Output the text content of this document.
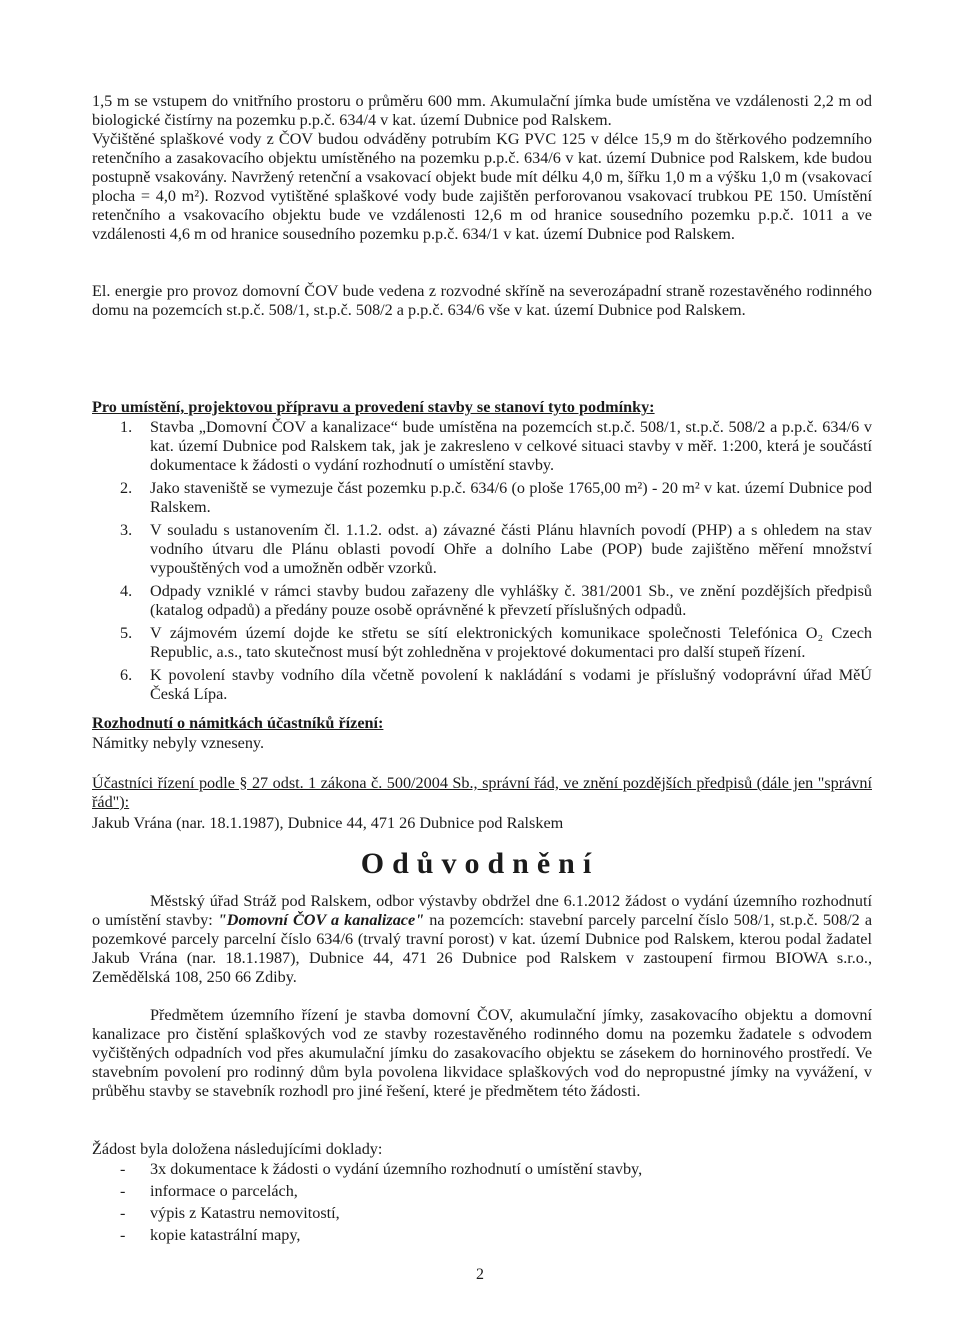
1,5 m se vstupem do vnitřního prostoru o průměru 600 mm. Akumulační jímka bude umístěna ve vzdálenosti 2,2 m od biologické čistírny na pozemku p.p.č. 634/4 v kat. území Dubnice pod Ralskem.
Vyčištěné splaškové vody z ČOV budou odváděny potrubím KG PVC 125 v délce 15,9 m do štěrkového podzemního retenčního a zasakovacího objektu umístěného na pozemku p.p.č. 634/6 v kat. území Dubnice pod Ralskem, kde budou postupně vsakovány. Navržený retenční a vsakovací objekt bude mít délku 4,0 m, šířku 1,0 m a výšku 1,0 m (vsakovací plocha = 4,0 m²). Rozvod vytištěné splaškové vody bude zajištěn perforovanou vsakovací trubkou PE 150. Umístění retenčního a vsakovacího objektu bude ve vzdálenosti 12,6 m od hranice sousedního pozemku p.p.č. 1011 a ve vzdálenosti 4,6 m od hranice sousedního pozemku p.p.č. 634/1 v kat. území Dubnice pod Ralskem.
El. energie pro provoz domovní ČOV bude vedena z rozvodné skříně na severozápadní straně rozestavěného rodinného domu na pozemcích st.p.č. 508/1, st.p.č. 508/2 a p.p.č. 634/6 vše v kat. území Dubnice pod Ralskem.
Pro umístění, projektovou přípravu a provedení stavby se stanoví tyto podmínky:
1. Stavba „Domovní ČOV a kanalizace“ bude umístěna na pozemcích st.p.č. 508/1, st.p.č. 508/2 a p.p.č. 634/6 v kat. území Dubnice pod Ralskem tak, jak je zakresleno v celkové situaci stavby v měř. 1:200, která je součástí dokumentace k žádosti o vydání rozhodnutí o umístění stavby.
2. Jako staveniště se vymezuje část pozemku p.p.č. 634/6 (o ploše 1765,00 m²) - 20 m² v kat. území Dubnice pod Ralskem.
3. V souladu s ustanovením čl. 1.1.2. odst. a) závazné části Plánu hlavních povodí (PHP) a s ohledem na stav vodního útvaru dle Plánu oblasti povodí Ohře a dolního Labe (POP) bude zajištěno měření množství vypouštěných vod a umožněn odběr vzorků.
4. Odpady vzniklé v rámci stavby budou zařazeny dle vyhlášky č. 381/2001 Sb., ve znění pozdějších předpisů (katalog odpadů) a předány pouze osobě oprávněné k převzetí příslušných odpadů.
5. V zájmovém území dojde ke střetu se sítí elektronických komunikace společnosti Telefónica O₂ Czech Republic, a.s., tato skutečnost musí být zohledněna v projektové dokumentaci pro další stupeň řízení.
6. K povolení stavby vodního díla včetně povolení k nakládání s vodami je příslušný vodoprávní úřad MěÚ Česká Lípa.
Rozhodnutí o námitkách účastníků řízení:
Námitky nebyly vzneseny.
Účastníci řízení podle § 27 odst. 1 zákona č. 500/2004 Sb., správní řád, ve znění pozdějších předpisů (dále jen "správní řád"):
Jakub Vrána (nar. 18.1.1987), Dubnice 44, 471 26 Dubnice pod Ralskem
Odůvodnění
Městský úřad Stráž pod Ralskem, odbor výstavby obdržel dne 6.1.2012 žádost o vydání územního rozhodnutí o umístění stavby: "Domovní ČOV a kanalizace" na pozemcích: stavební parcely parcelní číslo 508/1, st.p.č. 508/2 a pozemkové parcely parcelní číslo 634/6 (trvalý travní porost) v kat. území Dubnice pod Ralskem, kterou podal žadatel Jakub Vrána (nar. 18.1.1987), Dubnice 44, 471 26 Dubnice pod Ralskem v zastoupení firmou BIOWA s.r.o., Zemědělská 108, 250 66 Zdiby.
Předmětem územního řízení je stavba domovní ČOV, akumulační jímky, zasakovacího objektu a domovní kanalizace pro čistění splaškových vod ze stavby rozestavěného rodinného domu na pozemku žadatele s odvodem vyčištěných odpadních vod přes akumulační jímku do zasakovacího objektu se zásekem do horninového prostředí. Ve stavebním povolení pro rodinný dům byla povolena likvidace splaškových vod do nepropustné jímky na vyvážení, v průběhu stavby se stavebník rozhodl pro jiné řešení, které je předmětem této žádosti.
Žádost byla doložena následujícími doklady:
- 3x dokumentace k žádosti o vydání územního rozhodnutí o umístění stavby,
- informace o parcelách,
- výpis z Katastru nemovitostí,
- kopie katastrální mapy,
2
